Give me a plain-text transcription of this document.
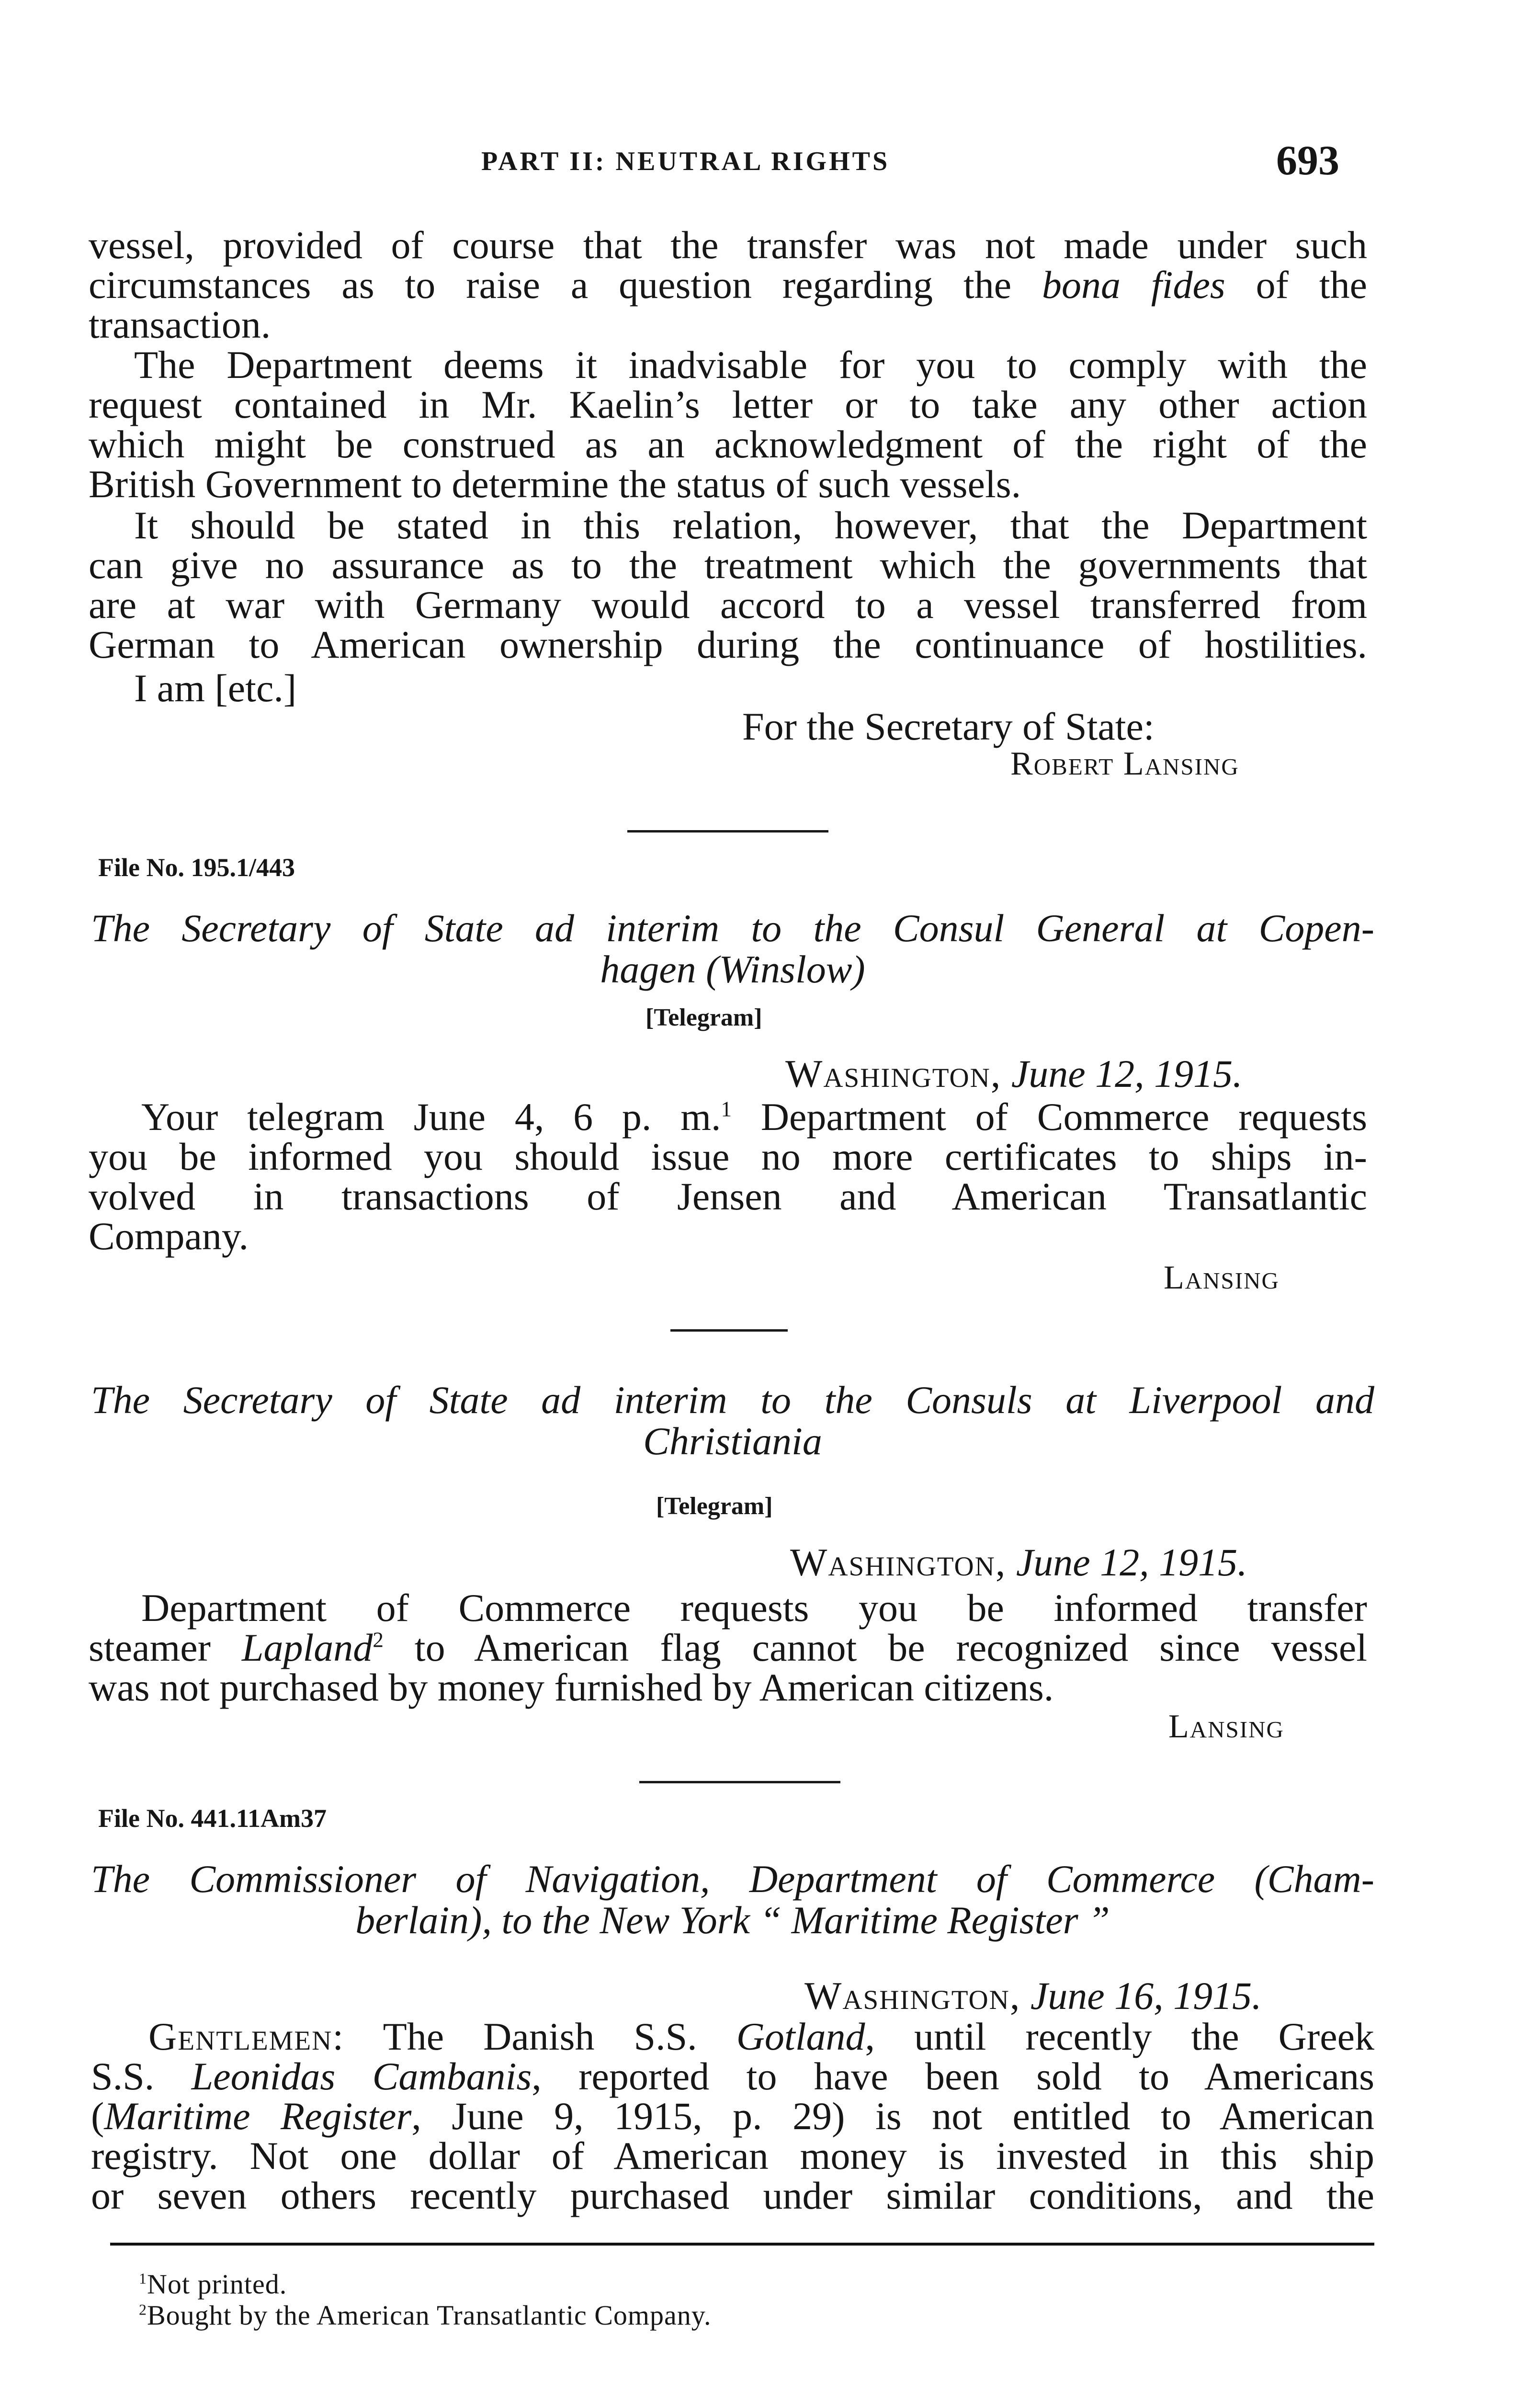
PART II: NEUTRAL RIGHTS	693
vessel, provided of course that the transfer was not made under such
circumstances as to raise a question regarding the bona fides of the
transaction.
The Department deems it inadvisable for you to comply with the
request contained in Mr. Kaelin’s letter or to take any other action
which might be construed as an acknowledgment of the right of the
British Government to determine the status of such vessels.
It should be stated in this relation, however, that the Department
can give no assurance as to the treatment which the governments that
are at war with Germany would accord to a vessel transferred from
German to American ownership during the continuance of hostilities.
I am [etc.]
For the Secretary of State:
Robert Lansing
File No. 195.1/443
The Secretary of State ad interim to the Consul General at Copen-
hagen (Winslow)
[Telegram]
Washington, June 12, 1915.
Your telegram June 4, 6 p. m.$^1$ Department of Commerce requests
you be informed you should issue no more certificates to ships in-
volved in transactions of Jensen and American Transatlantic
Company.
Lansing
The Secretary of State ad interim to the Consuls at Liverpool and
Christiania
[Telegram]
Washington, June 12, 1915.
Department of Commerce requests you be informed transfer
steamer Lapland$^2$ to American flag cannot be recognized since vessel
was not purchased by money furnished by American citizens.
Lansing
File No. 441.11Am37
The Commissioner of Navigation, Department of Commerce (Cham-
berlain), to the New York “ Maritime Register ”
Washington, June 16, 1915.
Gentlemen: The Danish S.S. Gotland, until recently the Greek
S.S. Leonidas Cambanis, reported to have been sold to Americans
(Maritime Register, June 9, 1915, p. 29) is not entitled to American
registry. Not one dollar of American money is invested in this ship
or seven others recently purchased under similar conditions, and the
$^1$Not printed.
$^2$Bought by the American Transatlantic Company.
